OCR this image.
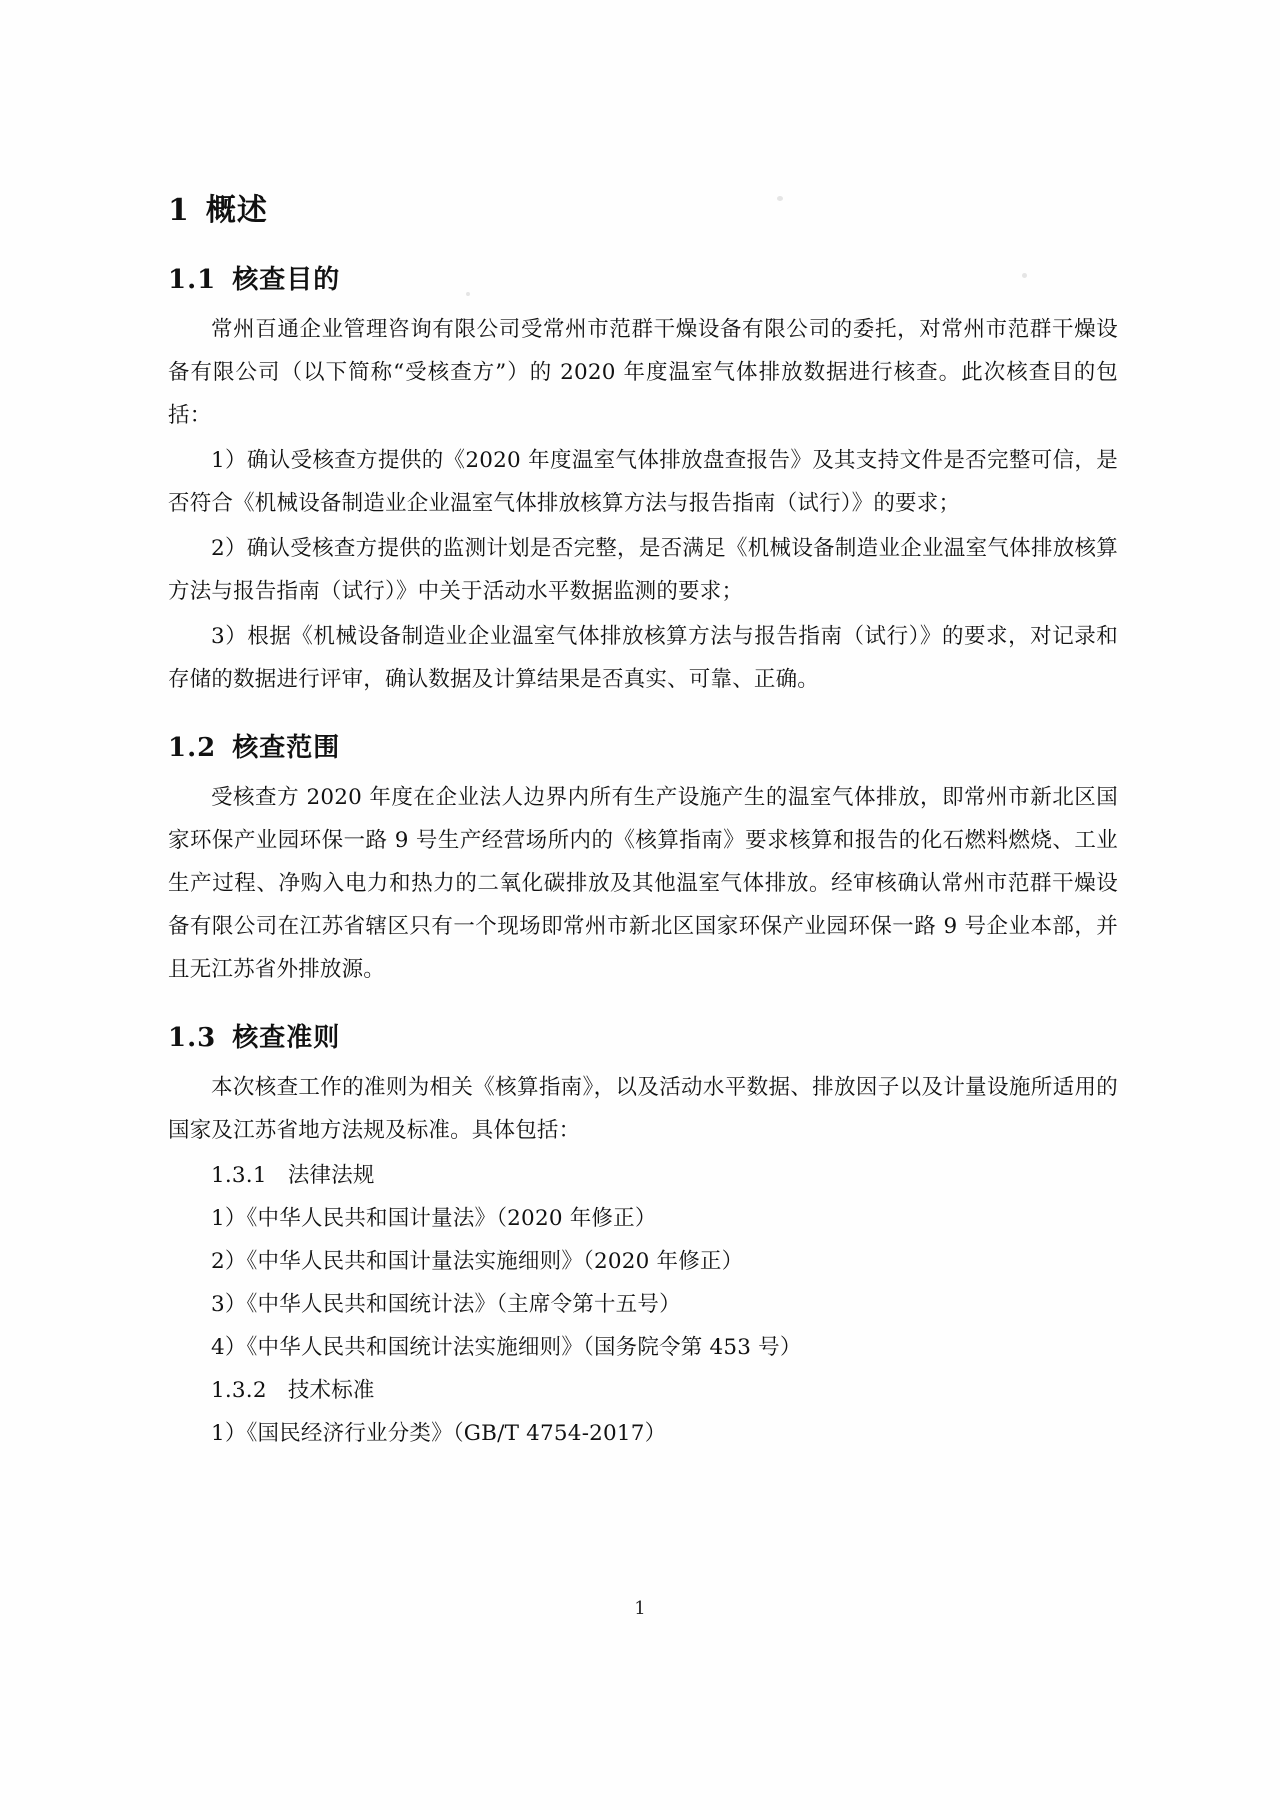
1 概述
1.1 核查目的

常州百通企业管理咨询有限公司受常州市范群干燥设备有限公司的委托，对常州市范群干燥设备有限公司（以下简称“受核查方”）的 2020 年度温室气体排放数据进行核查。此次核查目的包括：

1）确认受核查方提供的《2020 年度温室气体排放盘查报告》及其支持文件是否完整可信，是否符合《机械设备制造业企业温室气体排放核算方法与报告指南（试行）》的要求；

2）确认受核查方提供的监测计划是否完整，是否满足《机械设备制造业企业温室气体排放核算方法与报告指南（试行）》中关于活动水平数据监测的要求；

3）根据《机械设备制造业企业温室气体排放核算方法与报告指南（试行）》的要求，对记录和存储的数据进行评审，确认数据及计算结果是否真实、可靠、正确。

1.2 核查范围

受核查方 2020 年度在企业法人边界内所有生产设施产生的温室气体排放，即常州市新北区国家环保产业园环保一路 9 号生产经营场所内的《核算指南》要求核算和报告的化石燃料燃烧、工业生产过程、净购入电力和热力的二氧化碳排放及其他温室气体排放。经审核确认常州市范群干燥设备有限公司在江苏省辖区只有一个现场即常州市新北区国家环保产业园环保一路 9 号企业本部，并且无江苏省外排放源。

1.3 核查准则

本次核查工作的准则为相关《核算指南》，以及活动水平数据、排放因子以及计量设施所适用的国家及江苏省地方法规及标准。具体包括：

1.3.1 法律法规

1）《中华人民共和国计量法》（2020 年修正）

2）《中华人民共和国计量法实施细则》（2020 年修正）

3）《中华人民共和国统计法》（主席令第十五号）

4）《中华人民共和国统计法实施细则》（国务院令第 453 号）

1.3.2 技术标准

1）《国民经济行业分类》（GB/T 4754-2017）

1
